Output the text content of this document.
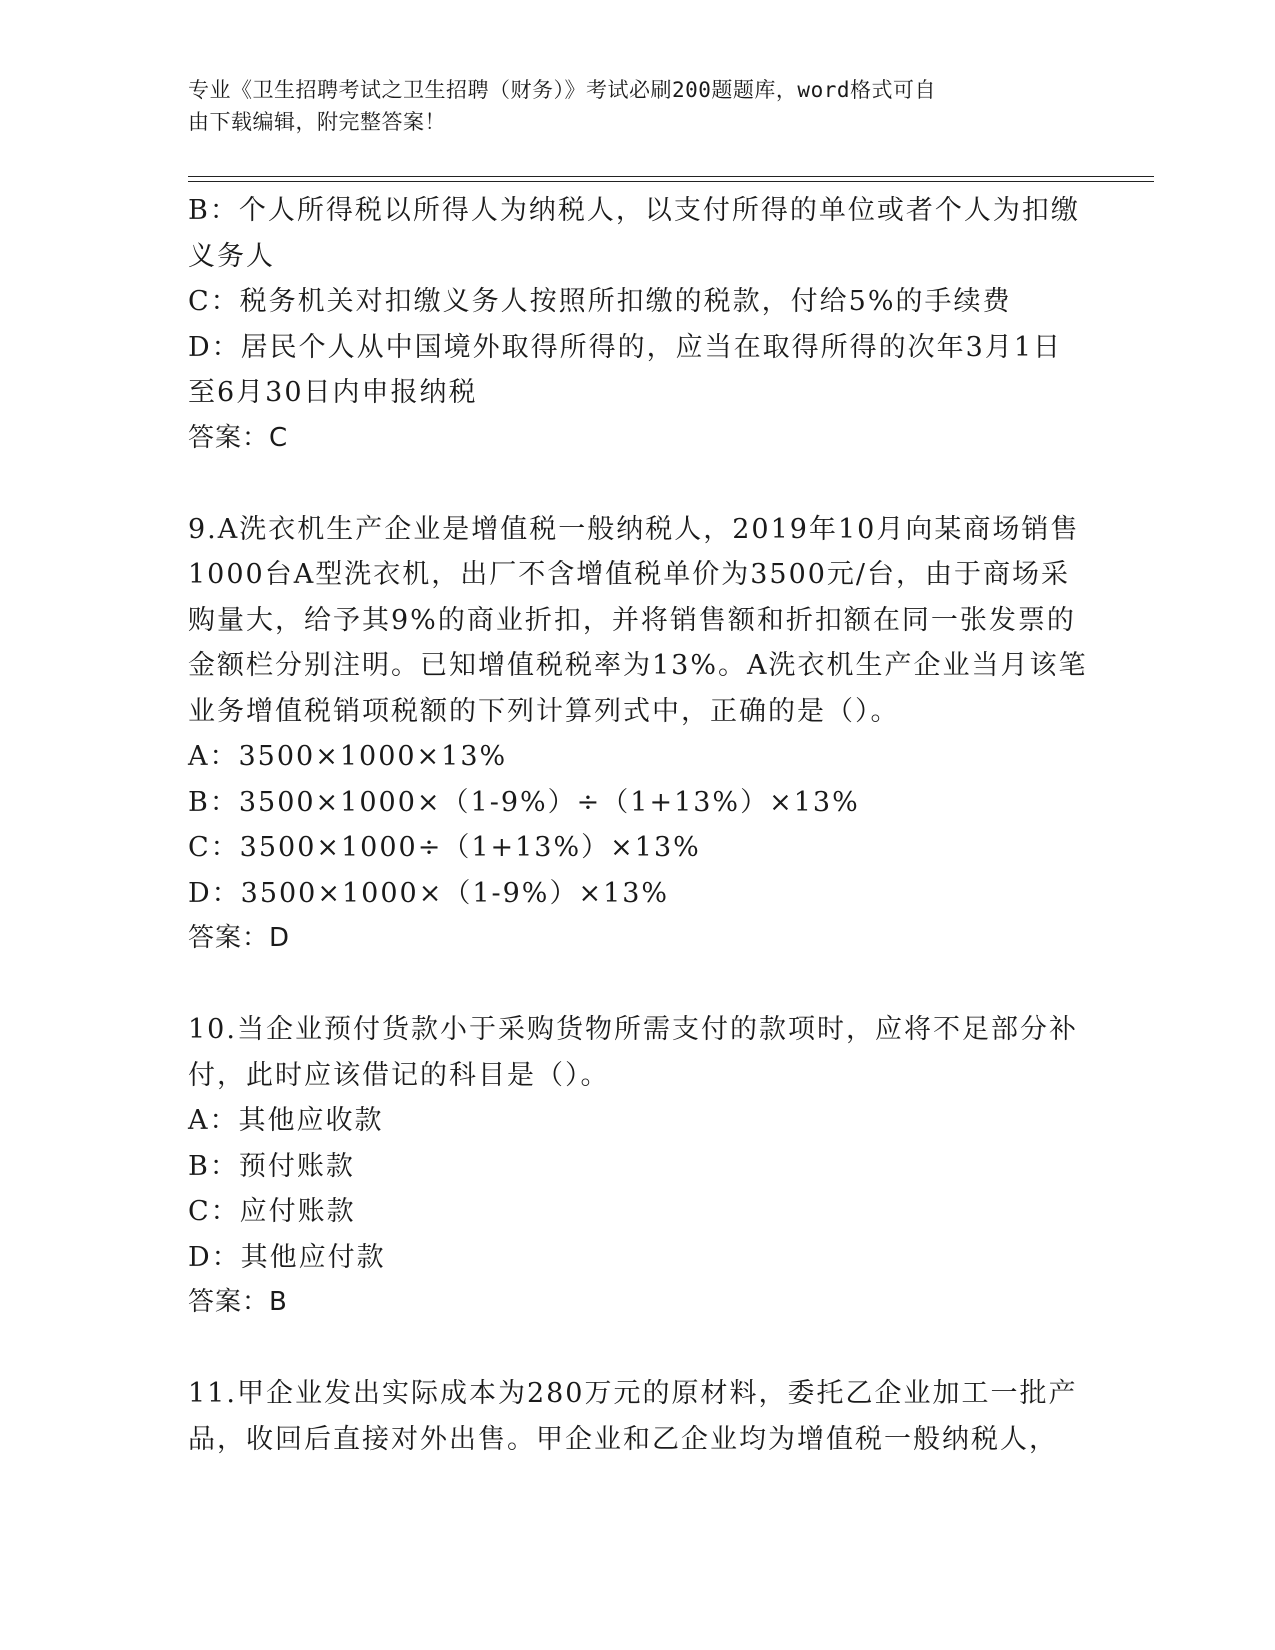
专业《卫生招聘考试之卫生招聘（财务）》考试必刷200题题库，word格式可自
由下载编辑，附完整答案！
B：个人所得税以所得人为纳税人，以支付所得的单位或者个人为扣缴
义务人
C：税务机关对扣缴义务人按照所扣缴的税款，付给5%的手续费
D：居民个人从中国境外取得所得的，应当在取得所得的次年3月1日
至6月30日内申报纳税
答案：C
9.A洗衣机生产企业是增值税一般纳税人，2019年10月向某商场销售
1000台A型洗衣机，出厂不含增值税单价为3500元/台，由于商场采
购量大，给予其9%的商业折扣，并将销售额和折扣额在同一张发票的
金额栏分别注明。已知增值税税率为13%。A洗衣机生产企业当月该笔
业务增值税销项税额的下列计算列式中，正确的是（）。
A：3500×1000×13%
B：3500×1000×（1-9%）÷（1+13%）×13%
C：3500×1000÷（1+13%）×13%
D：3500×1000×（1-9%）×13%
答案：D
10.当企业预付货款小于采购货物所需支付的款项时，应将不足部分补
付，此时应该借记的科目是（）。
A：其他应收款
B：预付账款
C：应付账款
D：其他应付款
答案：B
11.甲企业发出实际成本为280万元的原材料，委托乙企业加工一批产
品，收回后直接对外出售。甲企业和乙企业均为增值税一般纳税人，
